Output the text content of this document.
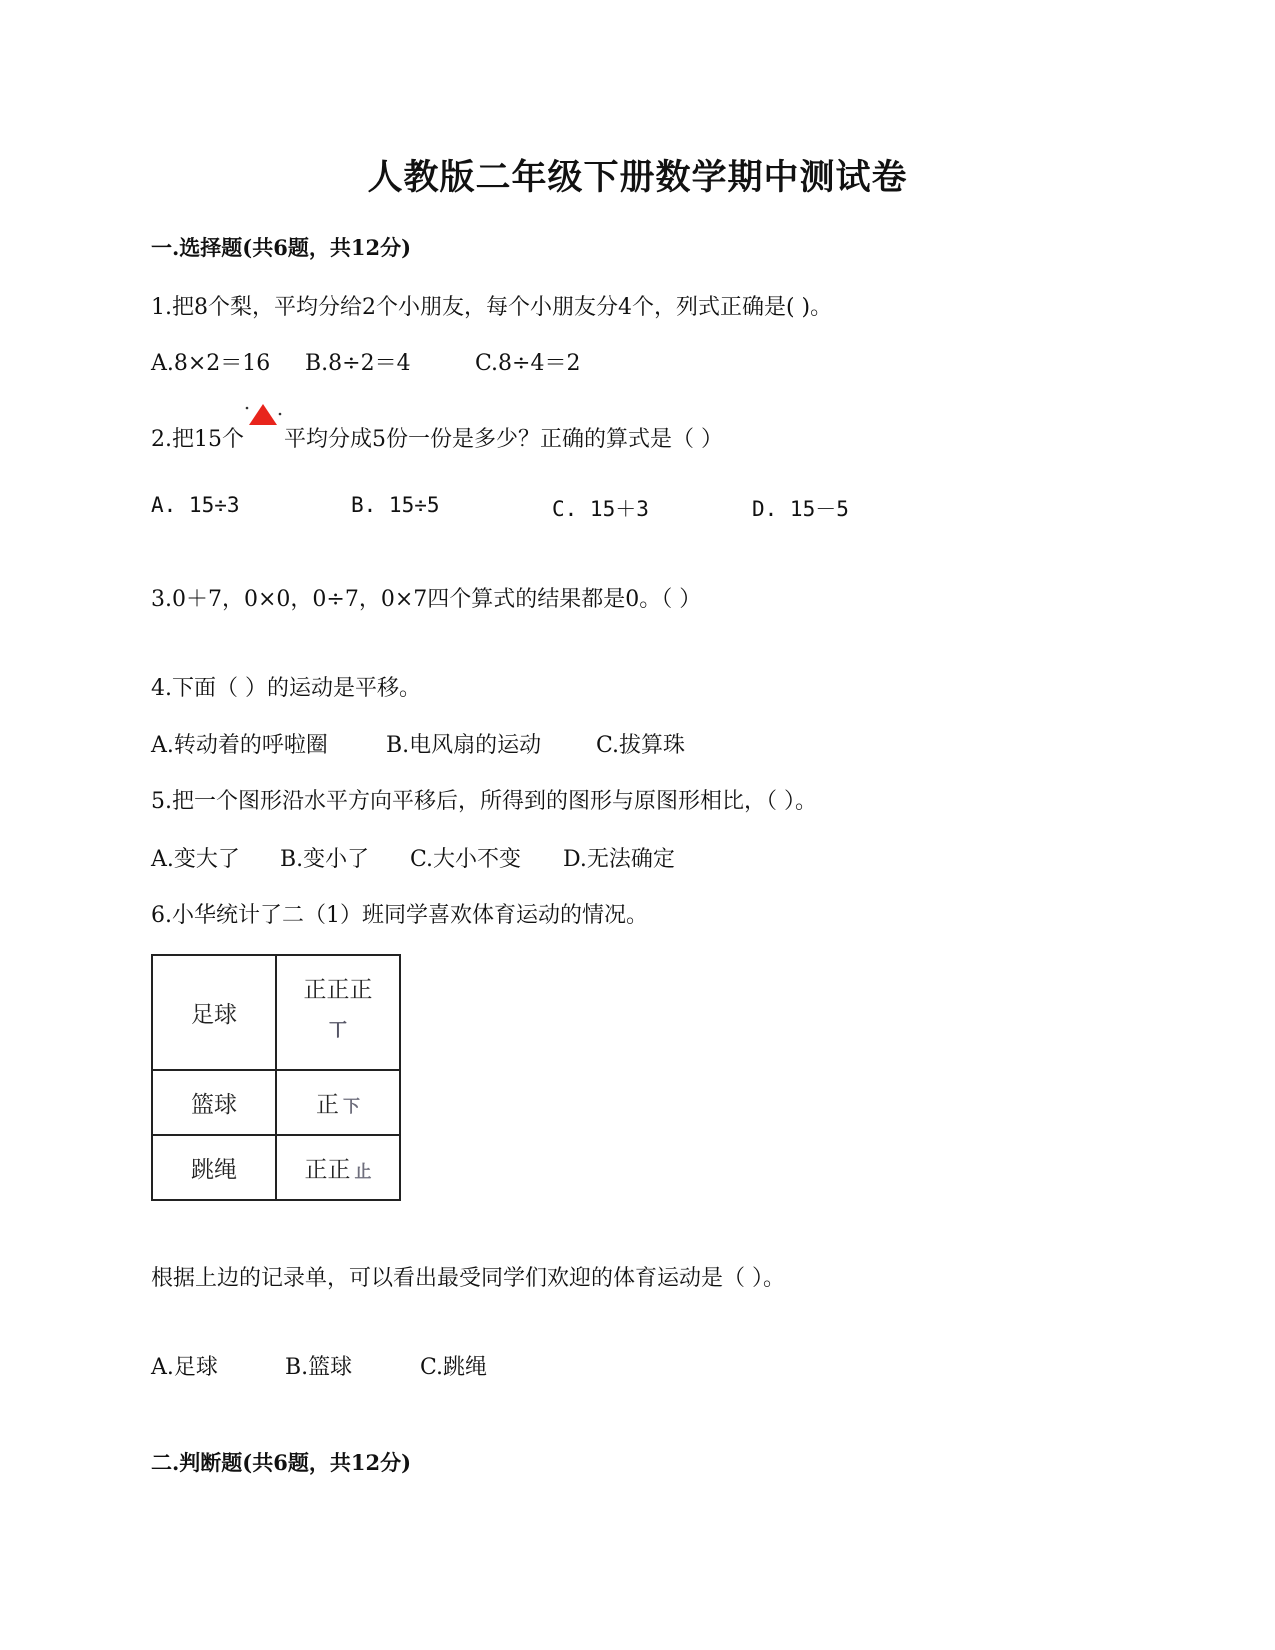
人教版二年级下册数学期中测试卷
一.选择题(共6题，共12分)
1.把8个梨，平均分给2个小朋友，每个小朋友分4个，列式正确是( )。
A.8×2＝16 B.8÷2＝4	C.8÷4＝2
2.把15个 平均分成5份一份是多少？正确的算式是（ ）
A. 15÷3	B. 15÷5	C. 15＋3	D. 15－5
3.0＋7，0×0，0÷7，0×7四个算式的结果都是0。（ ）
4.下面（ ）的运动是平移。
A.转动着的呼啦圈	B.电风扇的运动 C.拔算珠
5.把一个图形沿水平方向平移后，所得到的图形与原图形相比，（ ）。
A.变大了 B.变小了 C.大小不变 D.无法确定
6.小华统计了二（1）班同学喜欢体育运动的情况。
足球	正正正
丅

篮球	正 下
跳绳	正正 止
根据上边的记录单，可以看出最受同学们欢迎的体育运动是（ ）。
A.足球	B.篮球	C.跳绳
二.判断题(共6题，共12分)
